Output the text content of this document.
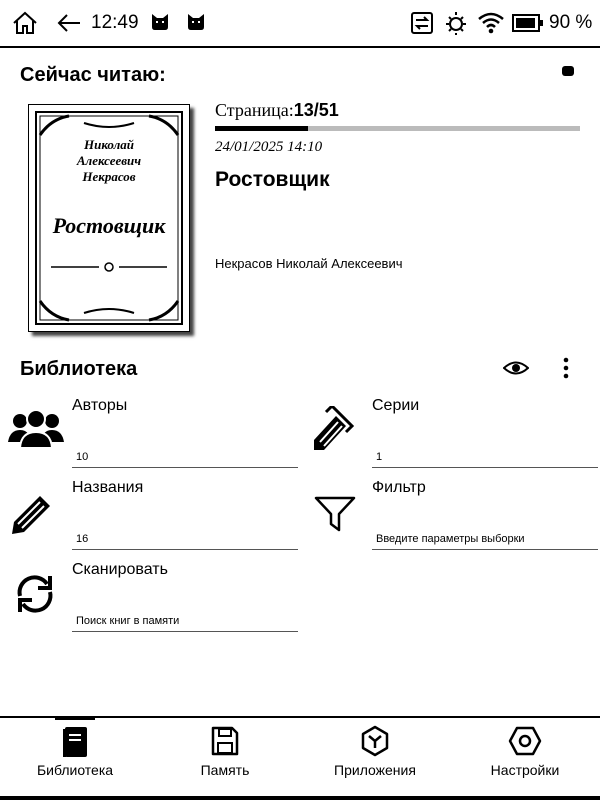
12:49	90 %
Сейчас читаю:
Николай
Алексеевич
Некрасов
Ростовщик
Страница:13/51
24/01/2025 14:10
Ростовщик
Некрасов Николай Алексеевич
Библиотека
Авторы
10
Серии
1
Названия
16
Фильтр
Введите параметры выборки
Сканировать
Поиск книг в памяти
Библиотека	Память	Приложения	Настройки
